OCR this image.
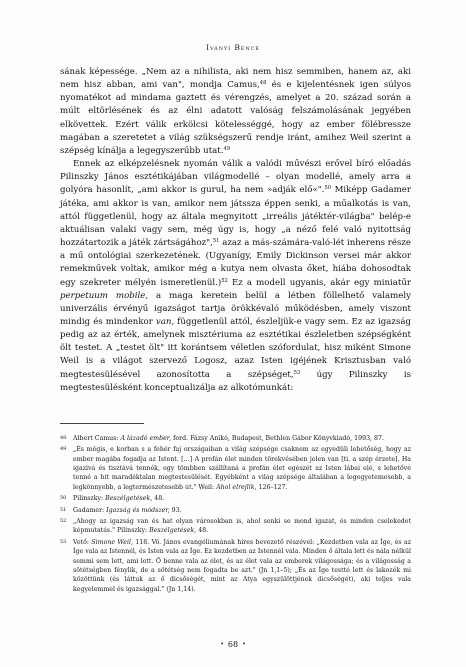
Iványi Bence

sának képessége. „Nem az a nihilista, aki nem hisz semmiben, hanem az, aki nem hisz abban, ami van", mondja Camus,$^{48}$ és e kijelentésnek igen súlyos nyomatékot ad mindama gaztett és vérengzés, amelyet a 20. század során a múlt eltörlésének és az élni adatott valóság felszámolásának jegyében elkövettek. Ezért válik erkölcsi kötelességgé, hogy az ember fölébressze magában a szeretetet a világ szükségszerű rendje iránt, amihez Weil szerint a szépség kínálja a legegyszerűbb utat.$^{49}$

Ennek az elképzelésnek nyomán válik a valódi művészi erővel bíró előadás Pilinszky János esztétikájában világmodellé – olyan modellé, amely arra a golyóra hasonlít, „ami akkor is gurul, ha nem »adják elő«".$^{50}$ Miképp Gadamer játéka, ami akkor is van, amikor nem játssza éppen senki, a műalkotás is van, attól függetlenül, hogy az általa megnyitott „irreális játéktér-világba" belép-e aktuálisan valaki vagy sem, még úgy is, hogy „a néző felé való nyitottság hozzátartozik a játék zártságához",$^{51}$ azaz a más-számára-való-lét inherens része a mű ontológiai szerkezetének. (Ugyanígy, Emily Dickinson versei már akkor remekművek voltak, amikor még a kutya nem olvasta őket, hiába dohosodtak egy szekreter mélyén ismeretlenül.)$^{52}$ Ez a modell ugyanis, akár egy miniatűr perpetuum mobile, a maga keretein belül a létben föllelhető valamely univerzális érvényű igazságot tartja örökkévaló működésben, amely viszont mindig és mindenkor van, függetlenül attól, észleljük-e vagy sem. Ez az igazság pedig az az érték, amelynek misztériuma az esztétikai észleletben szépségként ölt testet. A „testet ölt" itt korántsem véletlen szófordulat, hisz miként Simone Weil is a világot szervező Logosz, azaz Isten igéjének Krisztusban való megtestesülésével azonosította a szépséget,$^{53}$ úgy Pilinszky is megtestesülésként konceptualizálja az alkotómunkát:

48 Albert Camus: A lázadó ember, ford. Fázsy Anikó, Budapest, Bethlen Gábor Könyvkiadó, 1993, 87.
49 „És mégis, e korban s a fehér faj országaiban a világ szépsége csaknem az egyedüli lehetőség, hogy az ember magába fogadja az Istent. […] A profán élet minden törekvésében jelen van [ti. a szép érzete]. Ha igazivá és tisztává tennék, egy tömbben szállítaná a profán élet egészét az Isten lábai elé, s lehetővé tenné a hit maradéktalan megtestesülését. Egyébként a világ szépsége általában a legegyetemesebb, a legkönnyebb, a legtermészetesebb út." Weil: Ahol elrejlik, 126–127.
50 Pilinszky: Beszélgetések, 48.
51 Gadamer: Igazság és módszer, 93.
52 „Ahogy az igazság van és hat olyan városokban is, ahol senki se mond igazat, és minden cselekedet képmutatás." Pilinszky: Beszélgetések, 48.
53 Vető: Simone Weil, 118. Vö. János evangéliumának híres bevezető részével: „Kezdetben vala az Íge, és az Íge vala az Istennél, és Isten vala az Íge. Ez kezdetben az Istennél vala. Minden ő általa lett és nála nélkül semmi sem lett, ami lett. Ő benne vala az élet, és az élet vala az emberek világossága; és a világosság a sötétségben fénylik, de a sötétség nem fogadta be azt." (Jn 1,1–5); „És az Íge testté lett és lakozék mi közöttünk (és láttuk az ő dicsőségét, mint az Atya egyszülöttjének dicsőségét), aki teljes vala kegyelemmel és igazsággal." (Jn 1,14).
• 68 •
